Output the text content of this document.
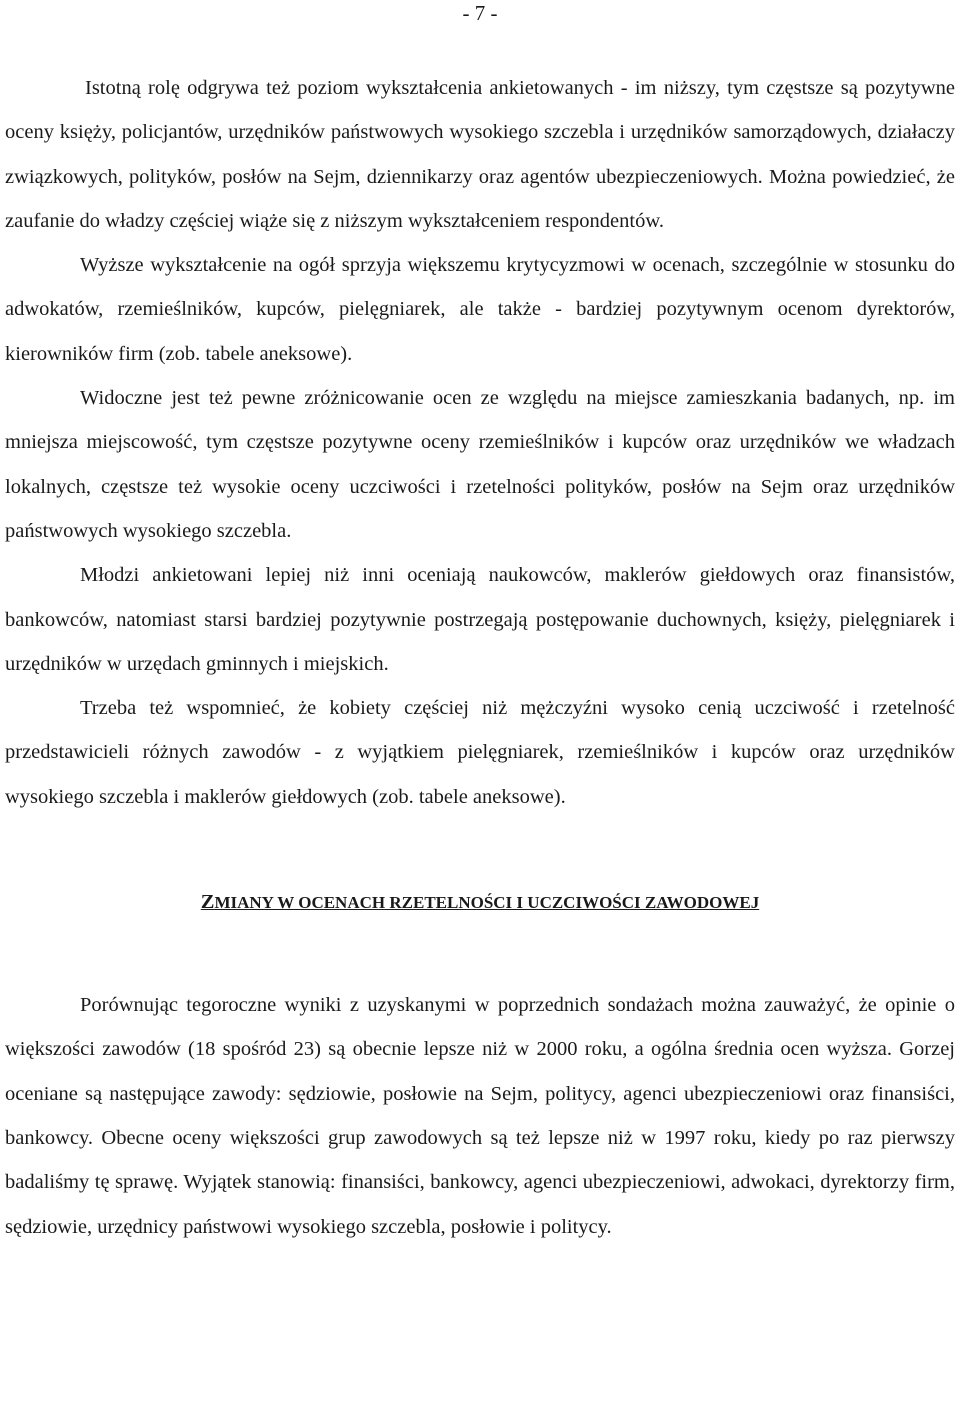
- 7 -

Istotną rolę odgrywa też poziom wykształcenia ankietowanych - im niższy, tym częstsze są pozytywne oceny księży, policjantów, urzędników państwowych wysokiego szczebla i urzędników samorządowych, działaczy związkowych, polityków, posłów na Sejm, dziennikarzy oraz agentów ubezpieczeniowych. Można powiedzieć, że zaufanie do władzy częściej wiąże się z niższym wykształceniem respondentów.

Wyższe wykształcenie na ogół sprzyja większemu krytycyzmowi w ocenach, szczególnie w stosunku do adwokatów, rzemieślników, kupców, pielęgniarek, ale także - bardziej pozytywnym ocenom dyrektorów, kierowników firm (zob. tabele aneksowe).

Widoczne jest też pewne zróżnicowanie ocen ze względu na miejsce zamieszkania badanych, np. im mniejsza miejscowość, tym częstsze pozytywne oceny rzemieślników i kupców oraz urzędników we władzach lokalnych, częstsze też wysokie oceny uczciwości i rzetelności polityków, posłów na Sejm oraz urzędników państwowych wysokiego szczebla.

Młodzi ankietowani lepiej niż inni oceniają naukowców, maklerów giełdowych oraz finansistów, bankowców, natomiast starsi bardziej pozytywnie postrzegają postępowanie duchownych, księży, pielęgniarek i urzędników w urzędach gminnych i miejskich.

Trzeba też wspomnieć, że kobiety częściej niż mężczyźni wysoko cenią uczciwość i rzetelność przedstawicieli różnych zawodów - z wyjątkiem pielęgniarek, rzemieślników i kupców oraz urzędników wysokiego szczebla i maklerów giełdowych (zob. tabele aneksowe).

ZMIANY W OCENACH RZETELNOŚCI I UCZCIWOŚCI ZAWODOWEJ

Porównując tegoroczne wyniki z uzyskanymi w poprzednich sondażach można zauważyć, że opinie o większości zawodów (18 spośród 23) są obecnie lepsze niż w 2000 roku, a ogólna średnia ocen wyższa. Gorzej oceniane są następujące zawody: sędziowie, posłowie na Sejm, politycy, agenci ubezpieczeniowi oraz finansiści, bankowcy. Obecne oceny większości grup zawodowych są też lepsze niż w 1997 roku, kiedy po raz pierwszy badaliśmy tę sprawę. Wyjątek stanowią: finansiści, bankowcy, agenci ubezpieczeniowi, adwokaci, dyrektorzy firm, sędziowie, urzędnicy państwowi wysokiego szczebla, posłowie i politycy.
